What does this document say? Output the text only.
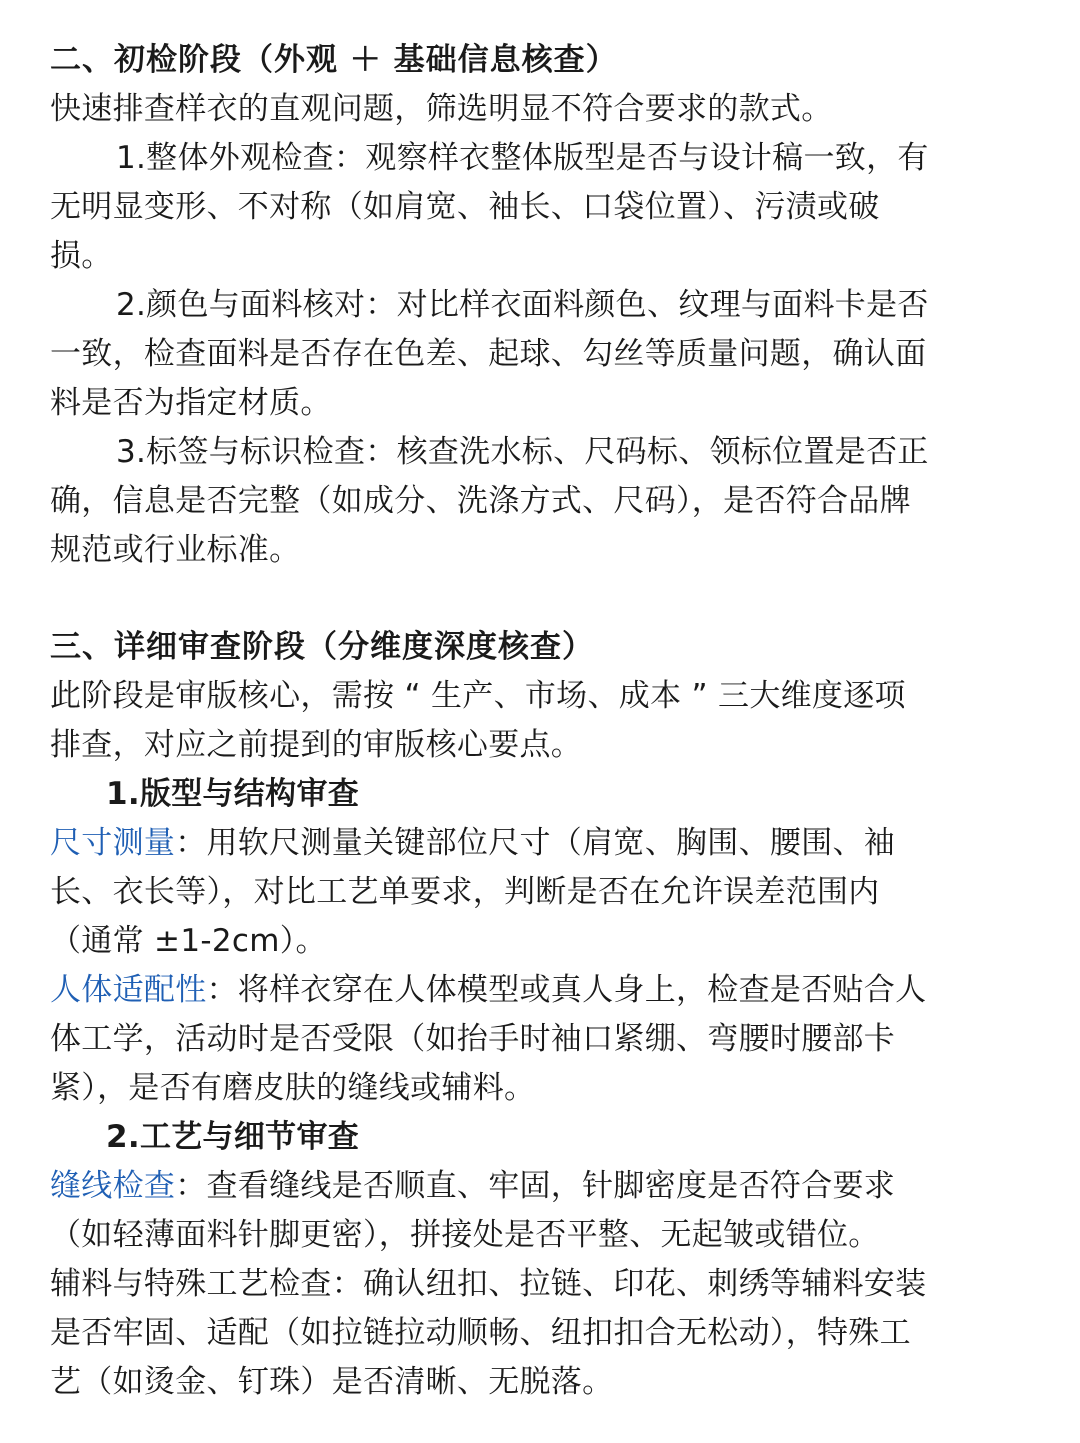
二、初检阶段（外观 ＋ 基础信息核查）
快速排查样衣的直观问题，筛选明显不符合要求的款式。
1.整体外观检查：观察样衣整体版型是否与设计稿一致，有
无明显变形、不对称（如肩宽、袖长、口袋位置）、污渍或破
损。
2.颜色与面料核对：对比样衣面料颜色、纹理与面料卡是否
一致，检查面料是否存在色差、起球、勾丝等质量问题，确认面
料是否为指定材质。
3.标签与标识检查：核查洗水标、尺码标、领标位置是否正
确，信息是否完整（如成分、洗涤方式、尺码），是否符合品牌
规范或行业标准。
三、详细审查阶段（分维度深度核查）
此阶段是审版核心，需按 “ 生产、市场、成本 ” 三大维度逐项
排查，对应之前提到的审版核心要点。
1.版型与结构审查
尺寸测量：用软尺测量关键部位尺寸（肩宽、胸围、腰围、袖
长、衣长等），对比工艺单要求，判断是否在允许误差范围内
（通常 ±1-2cm）。
人体适配性：将样衣穿在人体模型或真人身上，检查是否贴合人
体工学，活动时是否受限（如抬手时袖口紧绷、弯腰时腰部卡
紧），是否有磨皮肤的缝线或辅料。
2.工艺与细节审查
缝线检查：查看缝线是否顺直、牢固，针脚密度是否符合要求
（如轻薄面料针脚更密），拼接处是否平整、无起皱或错位。
辅料与特殊工艺检查：确认纽扣、拉链、印花、刺绣等辅料安装
是否牢固、适配（如拉链拉动顺畅、纽扣扣合无松动），特殊工
艺（如烫金、钉珠）是否清晰、无脱落。
